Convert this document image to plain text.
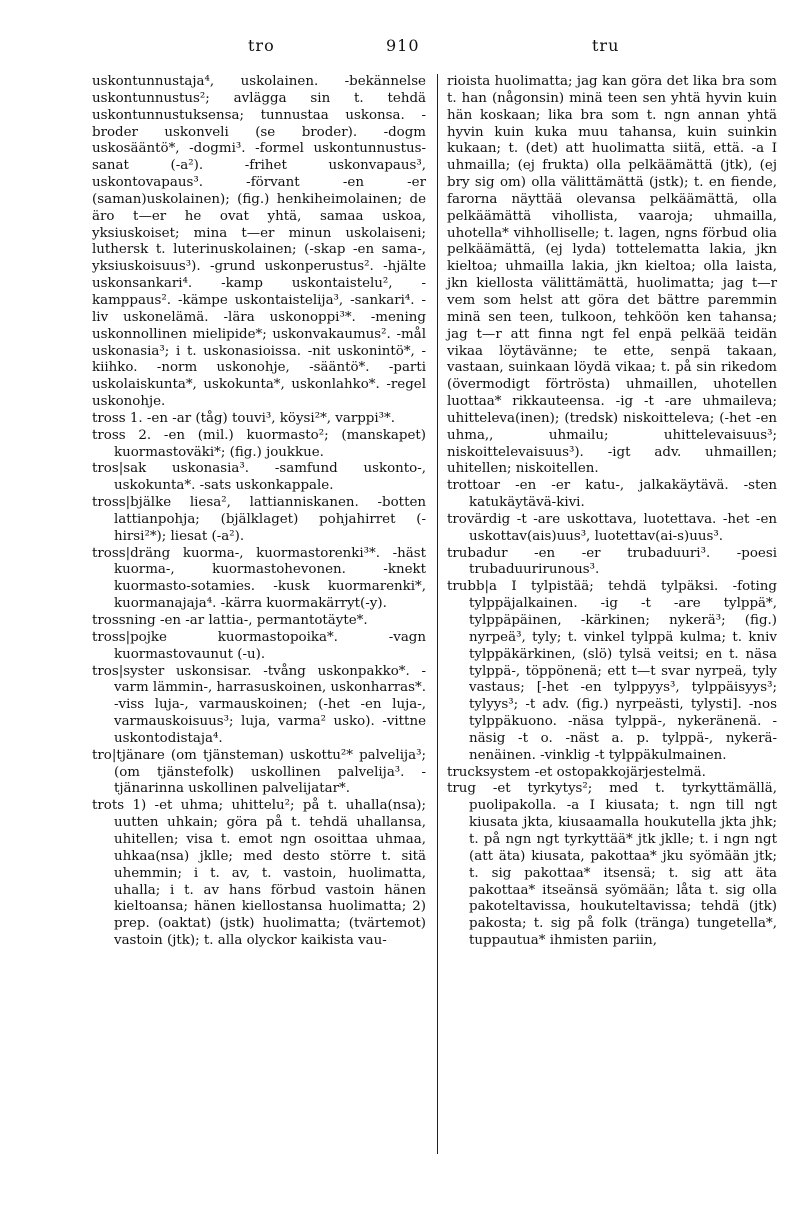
tro	910	tru

uskontunnustaja⁴, uskolainen. -bekännelse uskontunnustus²; avlägga sin t. tehdä uskontunnustuksensa; tunnustaa uskonsa. -broder uskonveli (se broder). -dogm uskosääntö*, -dogmi³. -formel uskontunnustus-sanat (-a²). -frihet uskonvapaus³, uskontovapaus³. -förvant -en -er (saman)uskolainen); (fig.) henkiheimolainen; de äro t—er he ovat yhtä, samaa uskoa, yksiuskoiset; mina t—er minun uskolaiseni; luthersk t. luterinuskolainen; (-skap -en sama-, yksiuskoisuus³). -grund uskonperustus². -hjälte uskonsankari⁴. -kamp uskontaistelu², -kamppaus². -kämpe uskontaistelija³, -sankari⁴. -liv uskonelämä. -lära uskonoppi³*. -mening uskonnollinen mielipide*; uskonvakaumus². -mål uskonasia³; i t. uskonasioissa. -nit uskonintö*, -kiihko. -norm uskonohje, -sääntö*. -parti uskolaiskunta*, uskokunta*, uskonlahko*. -regel uskonohje.

tross 1. -en -ar (tåg) touvi³, köysi²*, varppi³*.

tross 2. -en (mil.) kuormasto²; (manskapet) kuormastoväki*; (fig.) joukkue.

tros|sak uskonasia³. -samfund uskonto-, uskokunta*. -sats uskonkappale.

tross|bjälke liesa², lattianniskanen. -botten lattianpohja; (bjälklaget) pohjahirret (-hirsi²*); liesat (-a²).

tross|dräng kuorma-, kuormastorenki³*. -häst kuorma-, kuormastohevonen. -knekt kuormasto-sotamies. -kusk kuormarenki*, kuormanajaja⁴. -kärra kuormakärryt(-y).

trossning -en -ar lattia-, permantotäyte*.

tross|pojke kuormastopoika*. -vagn kuormastovaunut (-u).

tros|syster uskonsisar. -tvång uskonpakko*. -varm lämmin-, harrasuskoinen, uskonharras*. -viss luja-, varmauskoinen; (-het -en luja-, varmauskoisuus³; luja, varma² usko). -vittne uskontodistaja⁴.

tro|tjänare (om tjänsteman) uskottu²* palvelija³; (om tjänstefolk) uskollinen palvelija³. -tjänarinna uskollinen palvelijatar*.

trots 1) -et uhma; uhittelu²; på t. uhalla(nsa); uutten uhkain; göra på t. tehdä uhallansa, uhitellen; visa t. emot ngn osoittaa uhmaa, uhkaa(nsa) jklle; med desto större t. sitä uhemmin; i t. av, t. vastoin, huolimatta, uhalla; i t. av hans förbud vastoin hänen kieltoansa; hänen kiellostansa huolimatta; 2) prep. (oaktat) (jstk) huolimatta; (tvärtemot) vastoin (jtk); t. alla olyckor kaikista vau-

rioista huolimatta; jag kan göra det lika bra som t. han (någonsin) minä teen sen yhtä hyvin kuin hän koskaan; lika bra som t. ngn annan yhtä hyvin kuin kuka muu tahansa, kuin suinkin kukaan; t. (det) att huolimatta siitä, että. -a I uhmailla; (ej frukta) olla pelkäämättä (jtk), (ej bry sig om) olla välittämättä (jstk); t. en fiende, farorna näyttää olevansa pelkäämättä, olla pelkäämättä vihollista, vaaroja; uhmailla, uhotella* vihholliselle; t. lagen, ngns förbud olia pelkäämättä, (ej lyda) tottelematta lakia, jkn kieltoa; uhmailla lakia, jkn kieltoa; olla laista, jkn kiellosta välittämättä, huolimatta; jag t—r vem som helst att göra det bättre paremmin minä sen teen, tulkoon, tehköön ken tahansa; jag t—r att finna ngt fel enpä pelkää teidän vikaa löytävänne; te ette, senpä takaan, vastaan, suinkaan löydä vikaa; t. på sin rikedom (övermodigt förtrösta) uhmaillen, uhotellen luottaa* rikkauteensa. -ig -t -are uhmaileva; uhitteleva(inen); (tredsk) niskoitteleva; (-het -en uhma,, uhmailu; uhittelevaisuus³; niskoittelevaisuus³). -igt adv. uhmaillen; uhitellen; niskoitellen.

trottoar -en -er katu-, jalkakäytävä. -sten katukäytävä-kivi.

trovärdig -t -are uskottava, luotettava. -het -en uskottav(ais)uus³, luotettav(ai-s)uus³.

trubadur -en -er trubaduuri³. -poesi trubaduurirunous³.

trubb|a I tylpistää; tehdä tylpäksi. -foting tylppäjalkainen. -ig -t -are tylppä*, tylppäpäinen, -kärkinen; nykerä³; (fig.) nyrpeä³, tyly; t. vinkel tylppä kulma; t. kniv tylppäkärkinen, (slö) tylsä veitsi; en t. näsa tylppä-, töppönenä; ett t—t svar nyrpeä, tyly vastaus; [-het -en tylppyys³, tylppäisyys³; tylyys³; -t adv. (fig.) nyrpeästi, tylysti]. -nos tylppäkuono. -näsa tylppä-, nykeränenä. -näsig -t o. -näst a. p. tylppä-, nykerä-nenäinen. -vinklig -t tylppäkulmainen.

trucksystem -et ostopakkojärjestelmä.

trug -et tyrkytys²; med t. tyrkyttämällä, puolipakolla. -a I kiusata; t. ngn till ngt kiusata jkta, kiusaamalla houkutella jkta jhk; t. på ngn ngt tyrkyttää* jtk jklle; t. i ngn ngt (att äta) kiusata, pakottaa* jku syömään jtk; t. sig pakottaa* itsensä; t. sig att äta pakottaa* itseänsä syömään; låta t. sig olla pakoteltavissa, houkuteltavissa; tehdä (jtk) pakosta; t. sig på folk (tränga) tungetella*, tuppautua* ihmisten pariin,
